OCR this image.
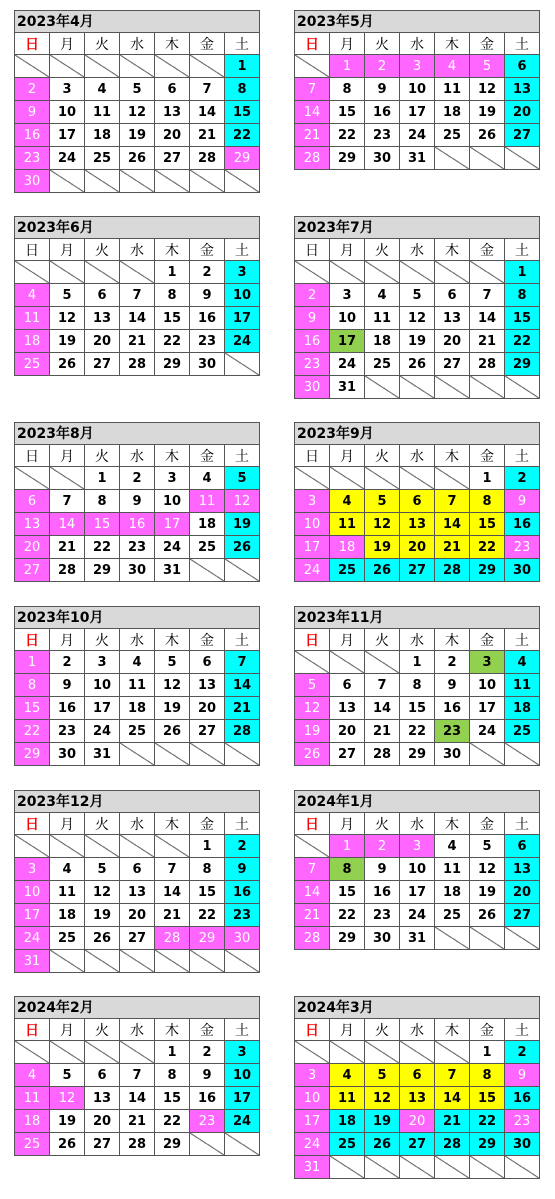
2023年4月
日	月	火	水	木	金	土
						1
2	3	4	5	6	7	8
9	10	11	12	13	14	15
16	17	18	19	20	21	22
23	24	25	26	27	28	29
30						
2023年5月
日	月	火	水	木	金	土
	1	2	3	4	5	6
7	8	9	10	11	12	13
14	15	16	17	18	19	20
21	22	23	24	25	26	27
28	29	30	31			
2023年6月
日	月	火	水	木	金	土
				1	2	3
4	5	6	7	8	9	10
11	12	13	14	15	16	17
18	19	20	21	22	23	24
25	26	27	28	29	30	
2023年7月
日	月	火	水	木	金	土
						1
2	3	4	5	6	7	8
9	10	11	12	13	14	15
16	17	18	19	20	21	22
23	24	25	26	27	28	29
30	31					
2023年8月
日	月	火	水	木	金	土
		1	2	3	4	5
6	7	8	9	10	11	12
13	14	15	16	17	18	19
20	21	22	23	24	25	26
27	28	29	30	31		
2023年9月
日	月	火	水	木	金	土
					1	2
3	4	5	6	7	8	9
10	11	12	13	14	15	16
17	18	19	20	21	22	23
24	25	26	27	28	29	30
2023年10月
日	月	火	水	木	金	土
1	2	3	4	5	6	7
8	9	10	11	12	13	14
15	16	17	18	19	20	21
22	23	24	25	26	27	28
29	30	31				
2023年11月
日	月	火	水	木	金	土
			1	2	3	4
5	6	7	8	9	10	11
12	13	14	15	16	17	18
19	20	21	22	23	24	25
26	27	28	29	30		
2023年12月
日	月	火	水	木	金	土
					1	2
3	4	5	6	7	8	9
10	11	12	13	14	15	16
17	18	19	20	21	22	23
24	25	26	27	28	29	30
31						
2024年1月
日	月	火	水	木	金	土
	1	2	3	4	5	6
7	8	9	10	11	12	13
14	15	16	17	18	19	20
21	22	23	24	25	26	27
28	29	30	31			
2024年2月
日	月	火	水	木	金	土
				1	2	3
4	5	6	7	8	9	10
11	12	13	14	15	16	17
18	19	20	21	22	23	24
25	26	27	28	29		
2024年3月
日	月	火	水	木	金	土
					1	2
3	4	5	6	7	8	9
10	11	12	13	14	15	16
17	18	19	20	21	22	23
24	25	26	27	28	29	30
31						
